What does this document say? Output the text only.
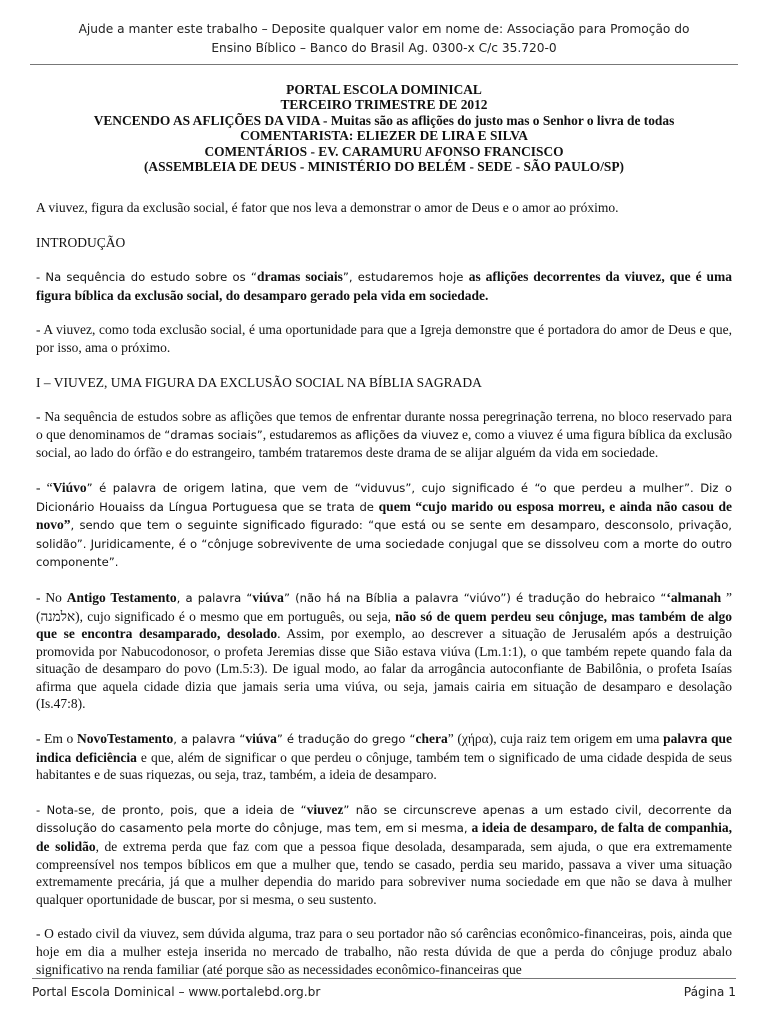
Ajude a manter este trabalho – Deposite qualquer valor em nome de: Associação para Promoção do
Ensino Bíblico – Banco do Brasil Ag. 0300-x C/c 35.720-0
PORTAL ESCOLA DOMINICAL
TERCEIRO TRIMESTRE DE 2012
VENCENDO AS AFLIÇÕES DA VIDA - Muitas são as aflições do justo mas o Senhor o livra de todas
COMENTARISTA: ELIEZER DE LIRA E SILVA
COMENTÁRIOS - EV. CARAMURU AFONSO FRANCISCO
(ASSEMBLEIA DE DEUS - MINISTÉRIO DO BELÉM - SEDE - SÃO PAULO/SP)

A viuvez, figura da exclusão social, é fator que nos leva a demonstrar o amor de Deus e o amor ao próximo.

INTRODUÇÃO

- Na sequência do estudo sobre os “dramas sociais”, estudaremos hoje as aflições decorrentes da viuvez, que é uma figura bíblica da exclusão social, do desamparo gerado pela vida em sociedade.

- A viuvez, como toda exclusão social, é uma oportunidade para que a Igreja demonstre que é portadora do amor de Deus e que, por isso, ama o próximo.

I – VIUVEZ, UMA FIGURA DA EXCLUSÃO SOCIAL NA BÍBLIA SAGRADA

- Na sequência de estudos sobre as aflições que temos de enfrentar durante nossa peregrinação terrena, no bloco reservado para o que denominamos de “dramas sociais”, estudaremos as aflições da viuvez e, como a viuvez é uma figura bíblica da exclusão social, ao lado do órfão e do estrangeiro, também trataremos deste drama de se alijar alguém da vida em sociedade.

- “Viúvo” é palavra de origem latina, que vem de “viduvus”, cujo significado é “o que perdeu a mulher”. Diz o Dicionário Houaiss da Língua Portuguesa que se trata de quem “cujo marido ou esposa morreu, e ainda não casou de novo”, sendo que tem o seguinte significado figurado: “que está ou se sente em desamparo, desconsolo, privação, solidão”. Juridicamente, é o “cônjuge sobrevivente de uma sociedade conjugal que se dissolveu com a morte do outro componente”.

- No Antigo Testamento, a palavra “viúva” (não há na Bíblia a palavra “viúvo”) é tradução do hebraico “‘almanah ” (אלמנה), cujo significado é o mesmo que em português, ou seja, não só de quem perdeu seu cônjuge, mas também de algo que se encontra desamparado, desolado. Assim, por exemplo, ao descrever a situação de Jerusalém após a destruição promovida por Nabucodonosor, o profeta Jeremias disse que Sião estava viúva (Lm.1:1), o que também repete quando fala da situação de desamparo do povo (Lm.5:3). De igual modo, ao falar da arrogância autoconfiante de Babilônia, o profeta Isaías afirma que aquela cidade dizia que jamais seria uma viúva, ou seja, jamais cairia em situação de desamparo e desolação (Is.47:8).

- Em o NovoTestamento, a palavra “viúva” é tradução do grego “chera” (χήρα), cuja raiz tem origem em uma palavra que indica deficiência e que, além de significar o que perdeu o cônjuge, também tem o significado de uma cidade despida de seus habitantes e de suas riquezas, ou seja, traz, também, a ideia de desamparo.

- Nota-se, de pronto, pois, que a ideia de “viuvez” não se circunscreve apenas a um estado civil, decorrente da dissolução do casamento pela morte do cônjuge, mas tem, em si mesma, a ideia de desamparo, de falta de companhia, de solidão, de extrema perda que faz com que a pessoa fique desolada, desamparada, sem ajuda, o que era extremamente compreensível nos tempos bíblicos em que a mulher que, tendo se casado, perdia seu marido, passava a viver uma situação extremamente precária, já que a mulher dependia do marido para sobreviver numa sociedade em que não se dava à mulher qualquer oportunidade de buscar, por si mesma, o seu sustento.

- O estado civil da viuvez, sem dúvida alguma, traz para o seu portador não só carências econômico-financeiras, pois, ainda que hoje em dia a mulher esteja inserida no mercado de trabalho, não resta dúvida de que a perda do cônjuge produz abalo significativo na renda familiar (até porque são as necessidades econômico-financeiras que

Portal Escola Dominical – www.portalebd.org.br	Página 1
